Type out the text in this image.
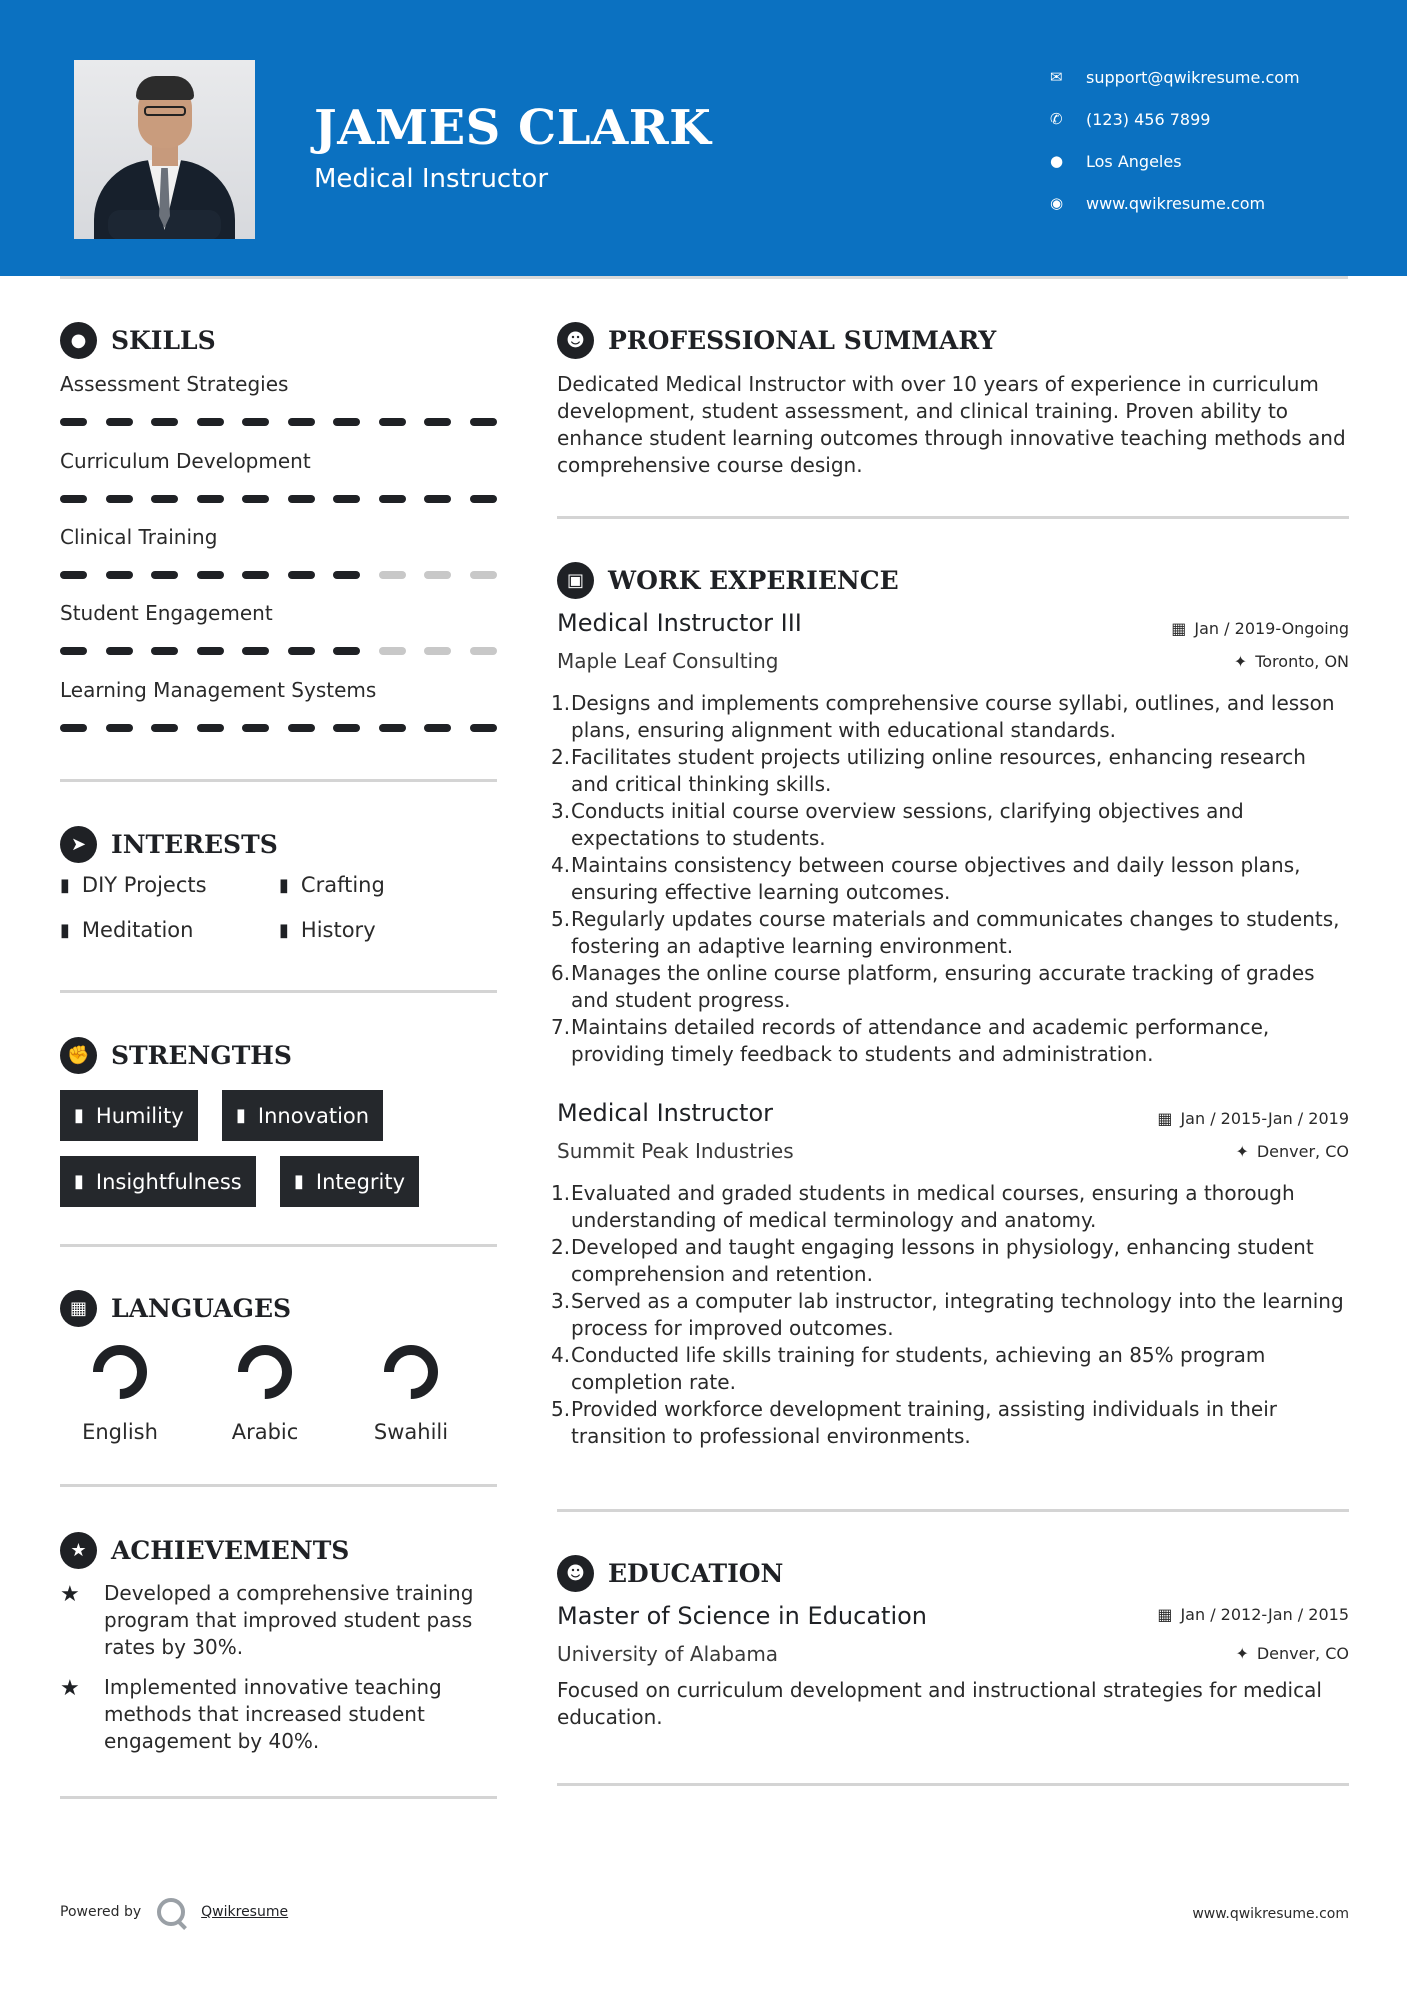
JAMES CLARK
Medical Instructor
✉	support@qwikresume.com
✆	(123) 456 7899
●	Los Angeles
◉	www.qwikresume.com
● SKILLS
Assessment Strategies
Curriculum Development
Clinical Training
Student Engagement
Learning Management Systems
➤ INTERESTS
▮ DIY Projects	▮ Crafting
▮ Meditation	▮ History
✊ STRENGTHS
▮ Humility	▮ Innovation
▮ Insightfulness	▮ Integrity
▦ LANGUAGES
English	Arabic	Swahili
★ ACHIEVEMENTS
★	Developed a comprehensive training program that improved student pass rates by 30%.
★	Implemented innovative teaching methods that increased student engagement by 40%.
☻ PROFESSIONAL SUMMARY
Dedicated Medical Instructor with over 10 years of experience in curriculum development, student assessment, and clinical training. Proven ability to enhance student learning outcomes through innovative teaching methods and comprehensive course design.
▣ WORK EXPERIENCE
Medical Instructor III	▦ Jan / 2019-Ongoing
Maple Leaf Consulting	✦ Toronto, ON
1. Designs and implements comprehensive course syllabi, outlines, and lesson plans, ensuring alignment with educational standards.
2. Facilitates student projects utilizing online resources, enhancing research and critical thinking skills.
3. Conducts initial course overview sessions, clarifying objectives and expectations to students.
4. Maintains consistency between course objectives and daily lesson plans, ensuring effective learning outcomes.
5. Regularly updates course materials and communicates changes to students, fostering an adaptive learning environment.
6. Manages the online course platform, ensuring accurate tracking of grades and student progress.
7. Maintains detailed records of attendance and academic performance, providing timely feedback to students and administration.
Medical Instructor	▦ Jan / 2015-Jan / 2019
Summit Peak Industries	✦ Denver, CO
1. Evaluated and graded students in medical courses, ensuring a thorough understanding of medical terminology and anatomy.
2. Developed and taught engaging lessons in physiology, enhancing student comprehension and retention.
3. Served as a computer lab instructor, integrating technology into the learning process for improved outcomes.
4. Conducted life skills training for students, achieving an 85% program completion rate.
5. Provided workforce development training, assisting individuals in their transition to professional environments.
☻ EDUCATION
Master of Science in Education	▦ Jan / 2012-Jan / 2015
University of Alabama	✦ Denver, CO
Focused on curriculum development and instructional strategies for medical education.
Powered by	Qwikresume	www.qwikresume.com
